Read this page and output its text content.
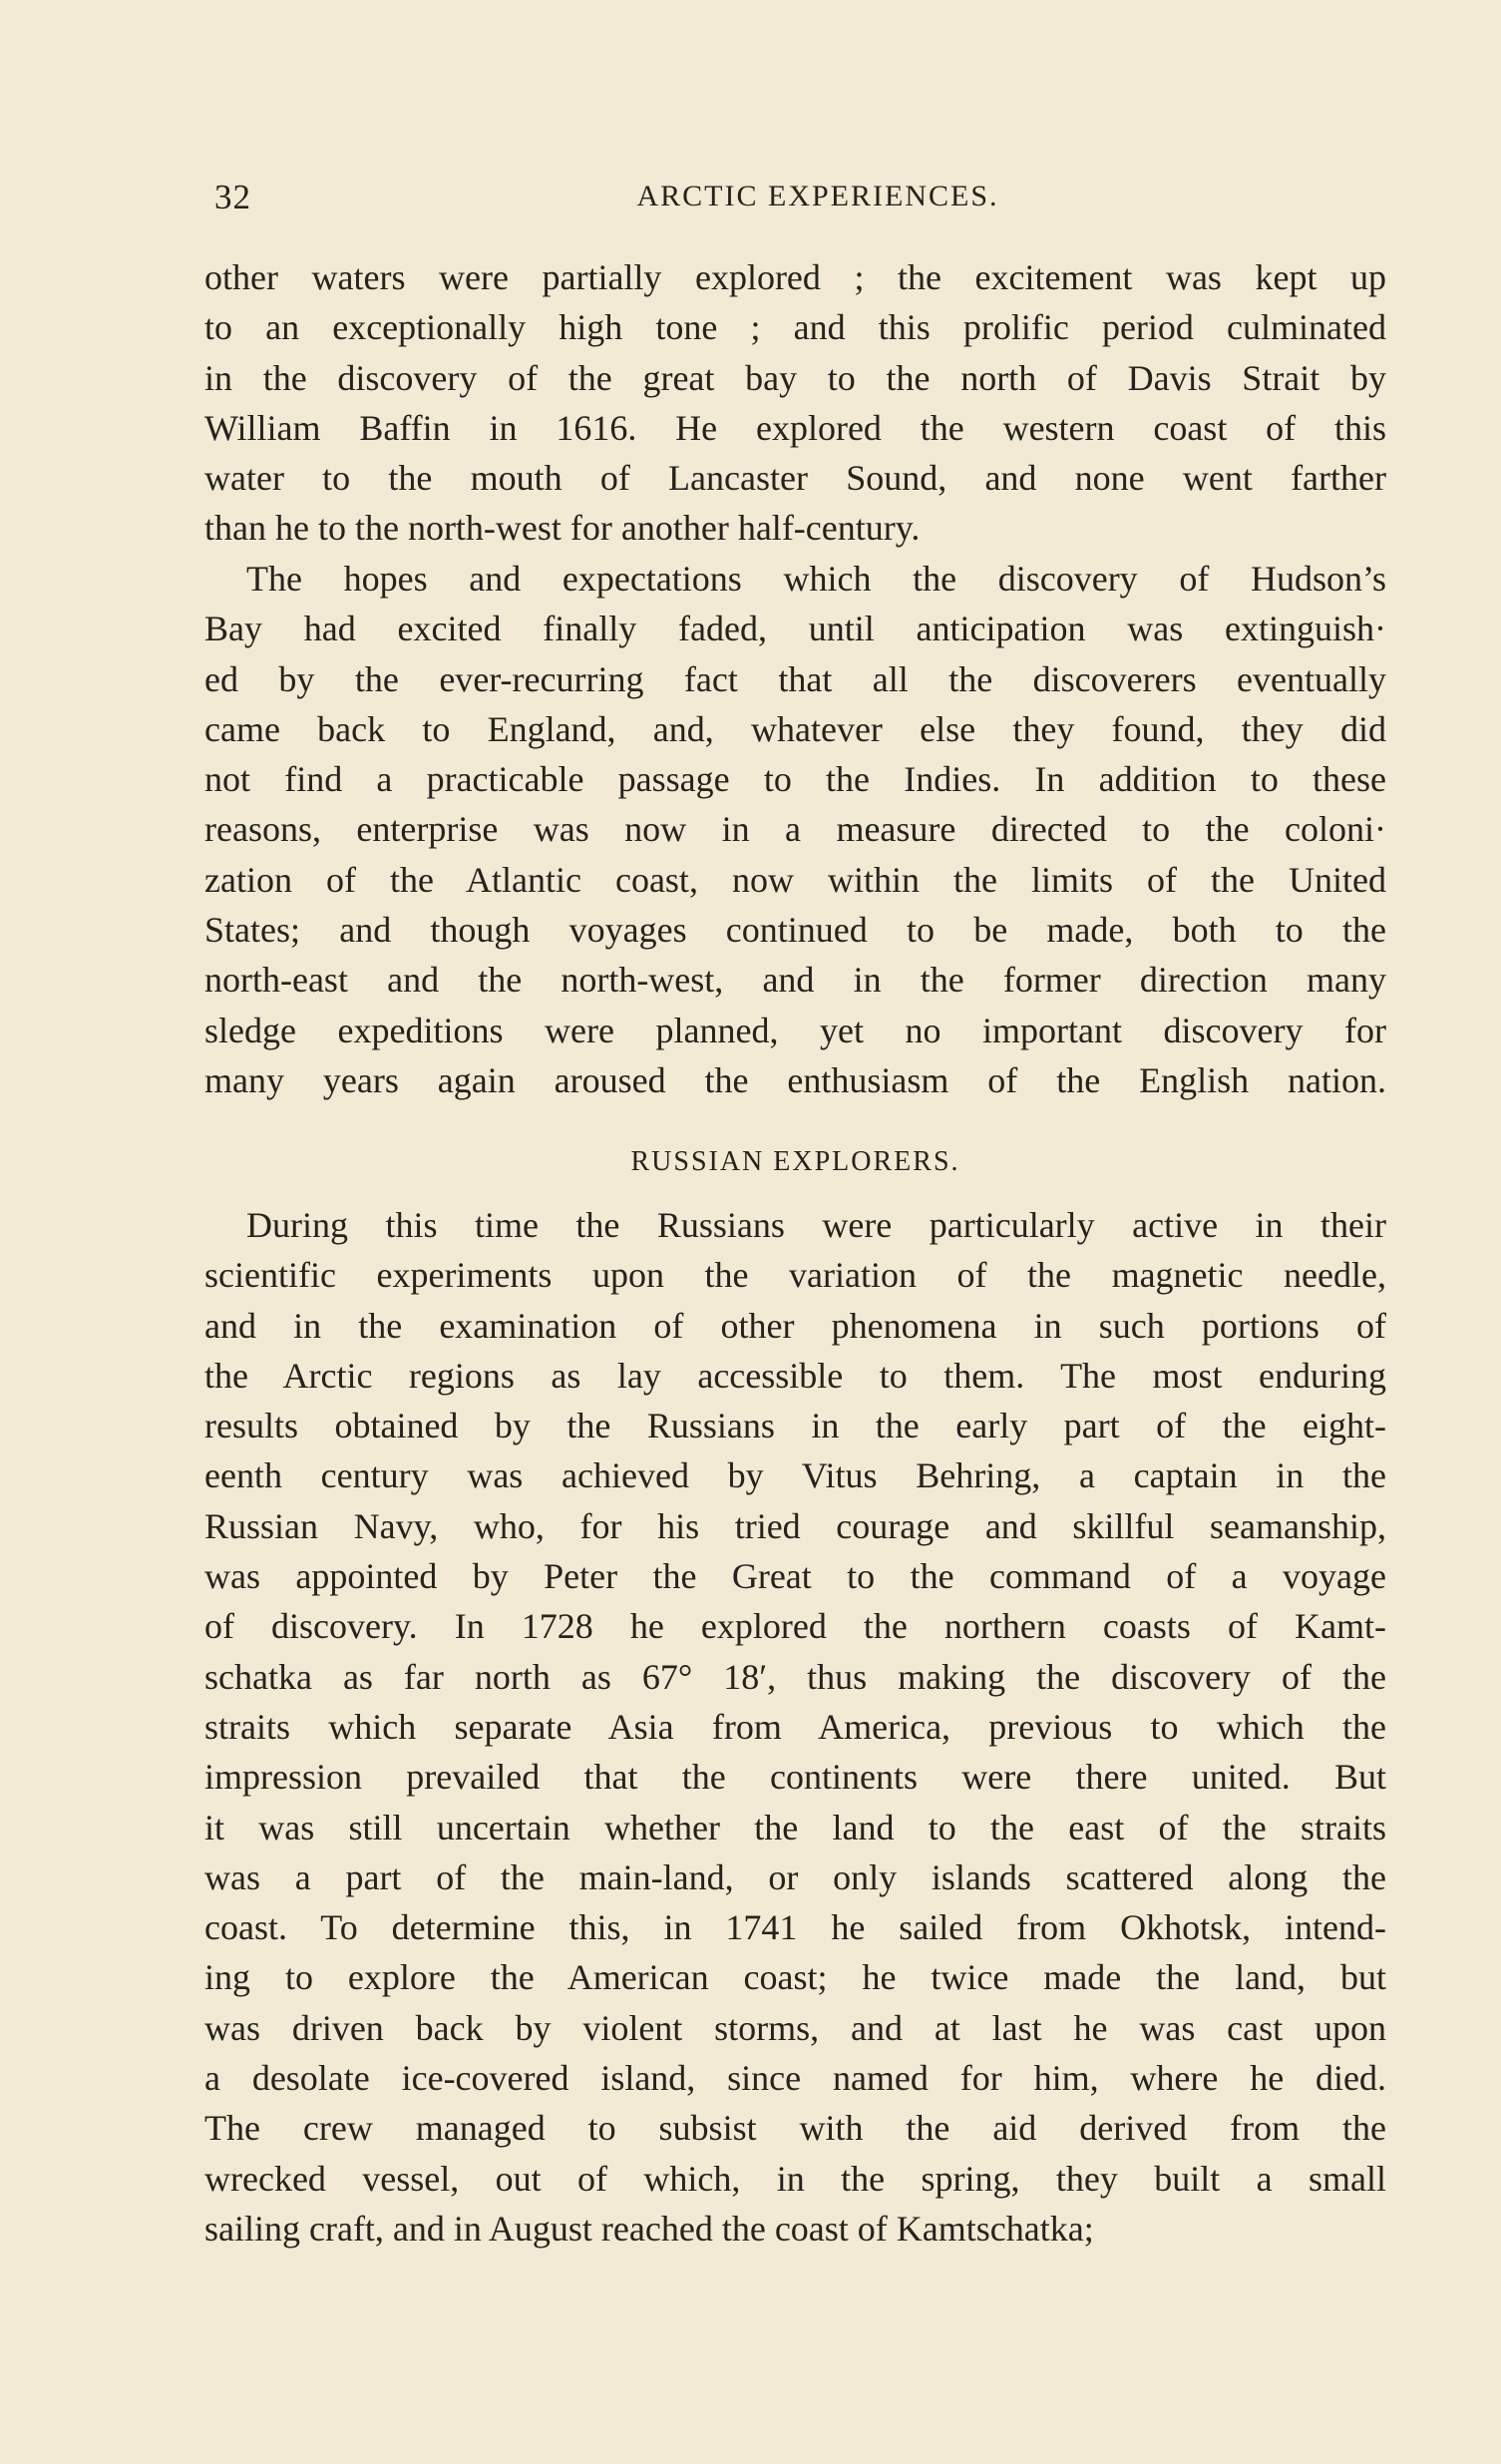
32	ARCTIC EXPERIENCES.
other waters were partially explored ; the excitement was kept up
to an exceptionally high tone ; and this prolific period culminated
in the discovery of the great bay to the north of Davis Strait by
William Baffin in 1616. He explored the western coast of this
water to the mouth of Lancaster Sound, and none went farther
than he to the north-west for another half-century.
The hopes and expectations which the discovery of Hudson’s
Bay had excited finally faded, until anticipation was extinguish·
ed by the ever-recurring fact that all the discoverers eventually
came back to England, and, whatever else they found, they did
not find a practicable passage to the Indies. In addition to these
reasons, enterprise was now in a measure directed to the coloni·
zation of the Atlantic coast, now within the limits of the United
States; and though voyages continued to be made, both to the
north-east and the north-west, and in the former direction many
sledge expeditions were planned, yet no important discovery for
many years again aroused the enthusiasm of the English nation.
RUSSIAN EXPLORERS.
During this time the Russians were particularly active in their
scientific experiments upon the variation of the magnetic needle,
and in the examination of other phenomena in such portions of
the Arctic regions as lay accessible to them. The most enduring
results obtained by the Russians in the early part of the eight-
eenth century was achieved by Vitus Behring, a captain in the
Russian Navy, who, for his tried courage and skillful seamanship,
was appointed by Peter the Great to the command of a voyage
of discovery. In 1728 he explored the northern coasts of Kamt-
schatka as far north as 67° 18′, thus making the discovery of the
straits which separate Asia from America, previous to which the
impression prevailed that the continents were there united. But
it was still uncertain whether the land to the east of the straits
was a part of the main-land, or only islands scattered along the
coast. To determine this, in 1741 he sailed from Okhotsk, intend-
ing to explore the American coast; he twice made the land, but
was driven back by violent storms, and at last he was cast upon
a desolate ice-covered island, since named for him, where he died.
The crew managed to subsist with the aid derived from the
wrecked vessel, out of which, in the spring, they built a small
sailing craft, and in August reached the coast of Kamtschatka;
